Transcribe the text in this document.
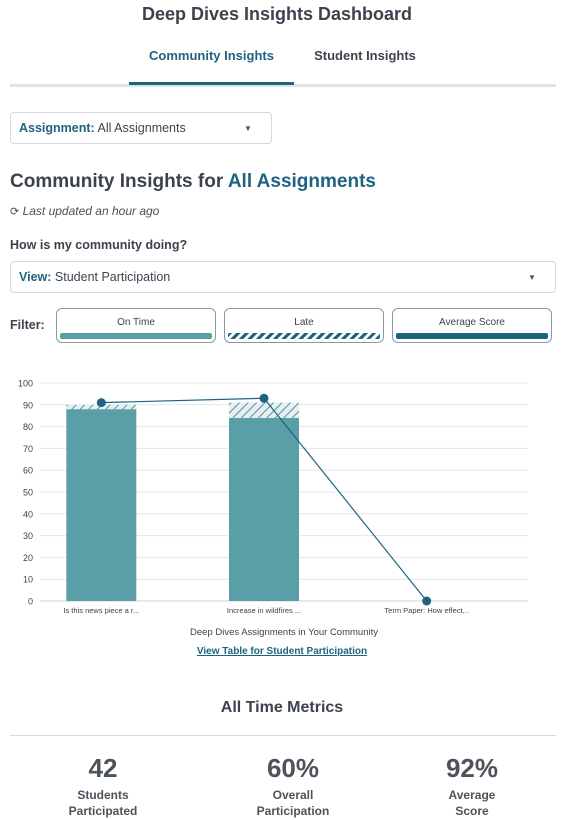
Deep Dives Insights Dashboard
Community Insights	Student Insights
Assignment: All Assignments	▼
Community Insights for All Assignments
⟳ Last updated an hour ago
How is my community doing?
View: Student Participation	▼
Filter:	On Time	Late	Average Score
0
10
20
30
40
50
60
70
80
90
100
Is this news piece a r...	Increase in wildfires ...	Term Paper: How effect...
Deep Dives Assignments in Your Community
View Table for Student Participation
All Time Metrics
42
Students
Participated
60%
Overall
Participation
92%
Average
Score
